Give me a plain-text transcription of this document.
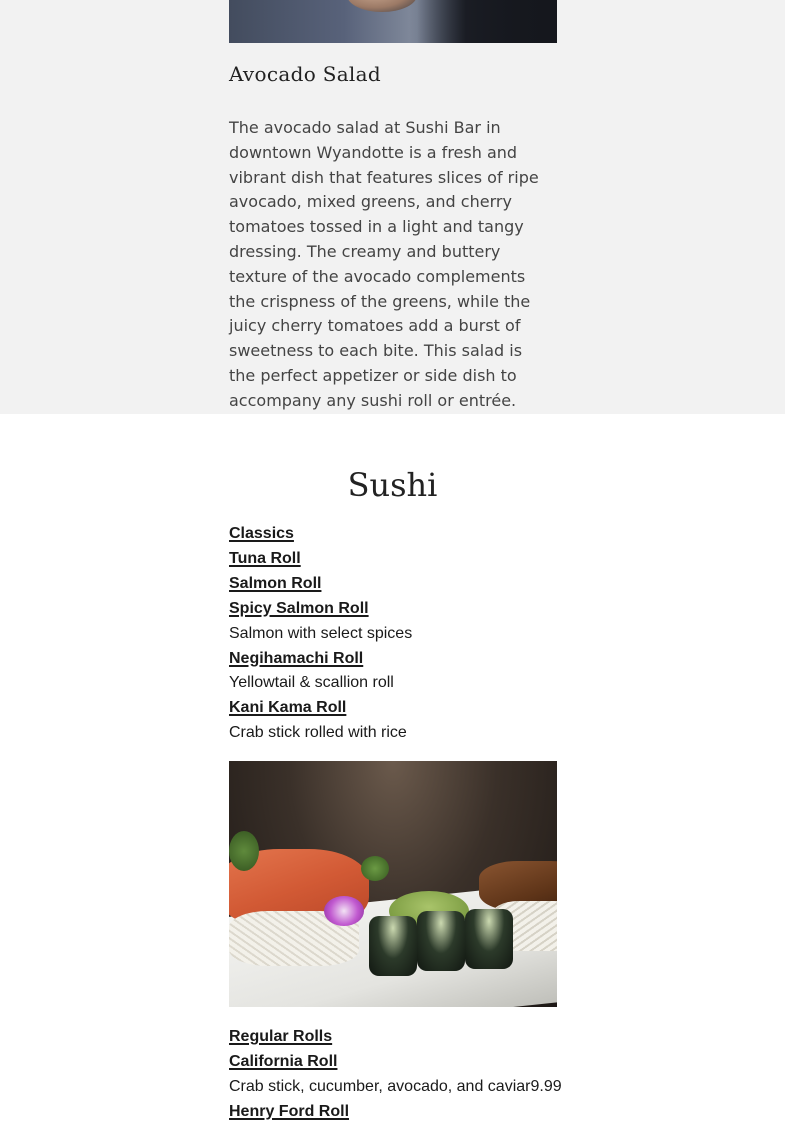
Avocado Salad

The avocado salad at Sushi Bar in downtown Wyandotte is a fresh and vibrant dish that features slices of ripe avocado, mixed greens, and cherry tomatoes tossed in a light and tangy dressing. The creamy and buttery texture of the avocado complements the crispness of the greens, while the juicy cherry tomatoes add a burst of sweetness to each bite. This salad is the perfect appetizer or side dish to accompany any sushi roll or entrée.

Sushi
Classics
Tuna Roll
Salmon Roll
Spicy Salmon Roll
Salmon with select spices
Negihamachi Roll
Yellowtail & scallion roll
Kani Kama Roll
Crab stick rolled with rice
Regular Rolls
California Roll
Crab stick, cucumber, avocado, and caviar9.99
Henry Ford Roll
